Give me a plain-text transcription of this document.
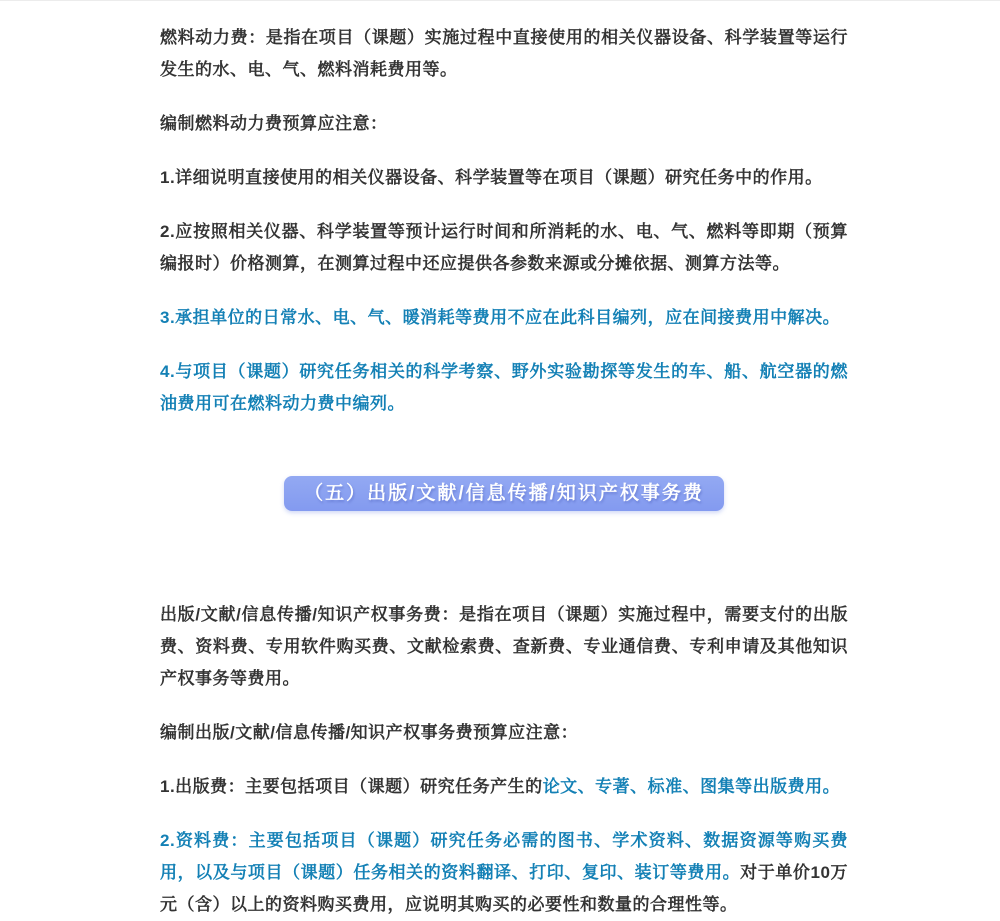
燃料动力费：是指在项目（课题）实施过程中直接使用的相关仪器设备、科学装置等运行发生的水、电、气、燃料消耗费用等。

编制燃料动力费预算应注意：

1.详细说明直接使用的相关仪器设备、科学装置等在项目（课题）研究任务中的作用。

2.应按照相关仪器、科学装置等预计运行时间和所消耗的水、电、气、燃料等即期（预算编报时）价格测算，在测算过程中还应提供各参数来源或分摊依据、测算方法等。

3.承担单位的日常水、电、气、暖消耗等费用不应在此科目编列，应在间接费用中解决。

4.与项目（课题）研究任务相关的科学考察、野外实验勘探等发生的车、船、航空器的燃油费用可在燃料动力费中编列。

（五）出版/文献/信息传播/知识产权事务费

出版/文献/信息传播/知识产权事务费：是指在项目（课题）实施过程中，需要支付的出版费、资料费、专用软件购买费、文献检索费、查新费、专业通信费、专利申请及其他知识产权事务等费用。

编制出版/文献/信息传播/知识产权事务费预算应注意：

1.出版费：主要包括项目（课题）研究任务产生的论文、专著、标准、图集等出版费用。

2.资料费：主要包括项目（课题）研究任务必需的图书、学术资料、数据资源等购买费用，以及与项目（课题）任务相关的资料翻译、打印、复印、装订等费用。对于单价10万元（含）以上的资料购买费用，应说明其购买的必要性和数量的合理性等。
